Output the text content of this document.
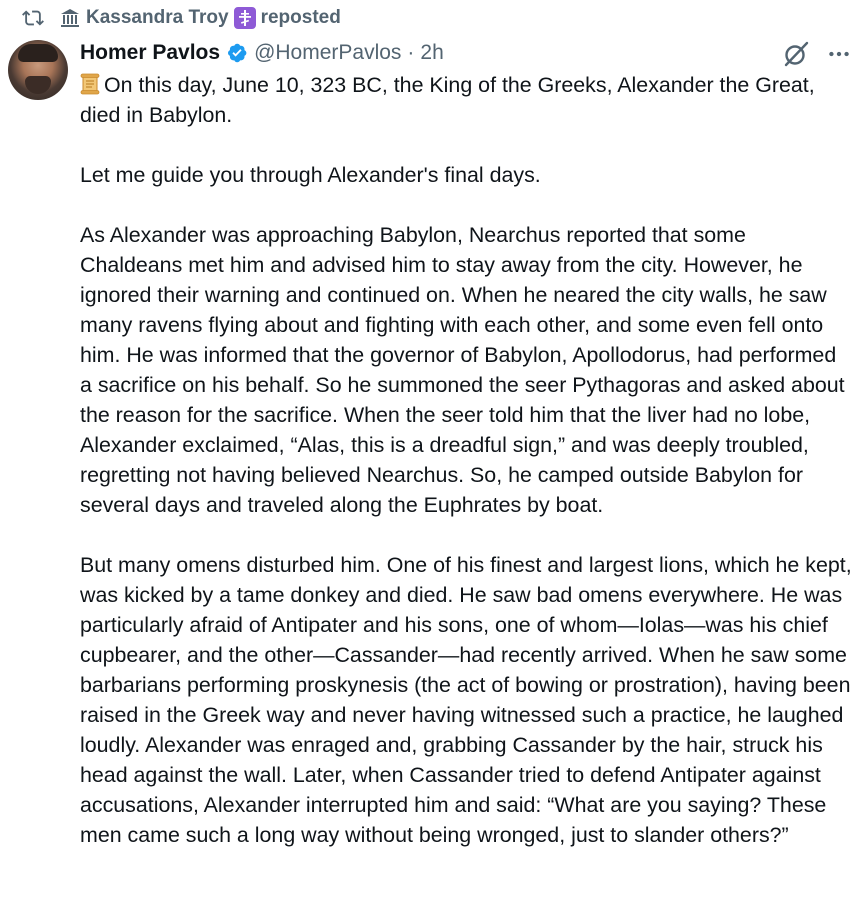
Kassandra Troy reposted
Homer Pavlos @HomerPavlos · 2h

On this day, June 10, 323 BC, the King of the Greeks, Alexander the Great, died in Babylon.

Let me guide you through Alexander's final days.

As Alexander was approaching Babylon, Nearchus reported that some Chaldeans met him and advised him to stay away from the city. However, he ignored their warning and continued on. When he neared the city walls, he saw many ravens flying about and fighting with each other, and some even fell onto him. He was informed that the governor of Babylon, Apollodorus, had performed a sacrifice on his behalf. So he summoned the seer Pythagoras and asked about the reason for the sacrifice. When the seer told him that the liver had no lobe, Alexander exclaimed, “Alas, this is a dreadful sign,” and was deeply troubled, regretting not having believed Nearchus. So, he camped outside Babylon for several days and traveled along the Euphrates by boat.

But many omens disturbed him. One of his finest and largest lions, which he kept, was kicked by a tame donkey and died. He saw bad omens everywhere. He was particularly afraid of Antipater and his sons, one of whom—Iolas—was his chief cupbearer, and the other—Cassander—had recently arrived. When he saw some barbarians performing proskynesis (the act of bowing or prostration), having been raised in the Greek way and never having witnessed such a practice, he laughed loudly. Alexander was enraged and, grabbing Cassander by the hair, struck his head against the wall. Later, when Cassander tried to defend Antipater against accusations, Alexander interrupted him and said: “What are you saying? These men came such a long way without being wronged, just to slander others?”
